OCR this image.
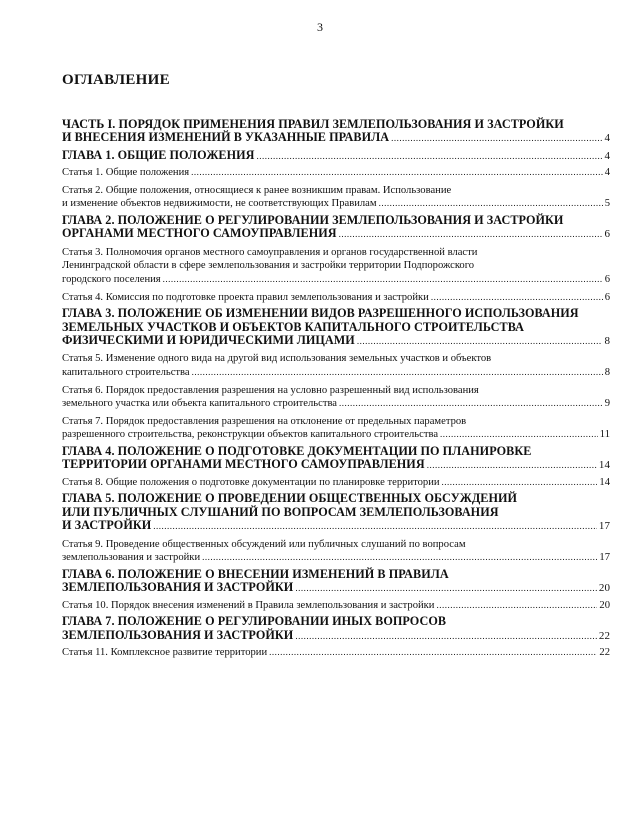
3
ОГЛАВЛЕНИЕ
ЧАСТЬ I. ПОРЯДОК ПРИМЕНЕНИЯ ПРАВИЛ ЗЕМЛЕПОЛЬЗОВАНИЯ И ЗАСТРОЙКИ
И ВНЕСЕНИЯ ИЗМЕНЕНИЙ В УКАЗАННЫЕ ПРАВИЛА .....	4
ГЛАВА 1. ОБЩИЕ ПОЛОЖЕНИЯ .....	4
Статья 1. Общие положения .....	4
Статья 2. Общие положения, относящиеся к ранее возникшим правам. Использование
и изменение объектов недвижимости, не соответствующих Правилам .....	5
ГЛАВА 2. ПОЛОЖЕНИЕ О РЕГУЛИРОВАНИИ ЗЕМЛЕПОЛЬЗОВАНИЯ И ЗАСТРОЙКИ
ОРГАНАМИ МЕСТНОГО САМОУПРАВЛЕНИЯ .....	6
Статья 3. Полномочия органов местного самоуправления и органов государственной власти
Ленинградской области в сфере землепользования и застройки территории Подпорожского
городского поселения .....	6
Статья 4. Комиссия по подготовке проекта правил землепользования и застройки .....	6
ГЛАВА 3. ПОЛОЖЕНИЕ ОБ ИЗМЕНЕНИИ ВИДОВ РАЗРЕШЕННОГО ИСПОЛЬЗОВАНИЯ
ЗЕМЕЛЬНЫХ УЧАСТКОВ И ОБЪЕКТОВ КАПИТАЛЬНОГО СТРОИТЕЛЬСТВА
ФИЗИЧЕСКИМИ И ЮРИДИЧЕСКИМИ ЛИЦАМИ .....	8
Статья 5. Изменение одного вида на другой вид использования земельных участков и объектов
капитального строительства .....	8
Статья 6. Порядок предоставления разрешения на условно разрешенный вид использования
земельного участка или объекта капитального строительства .....	9
Статья 7. Порядок предоставления разрешения на отклонение от предельных параметров
разрешенного строительства, реконструкции объектов капитального строительства .....	11
ГЛАВА 4. ПОЛОЖЕНИЕ О ПОДГОТОВКЕ ДОКУМЕНТАЦИИ ПО ПЛАНИРОВКЕ
ТЕРРИТОРИИ ОРГАНАМИ МЕСТНОГО САМОУПРАВЛЕНИЯ .....	14
Статья 8. Общие положения о подготовке документации по планировке территории .....	14
ГЛАВА 5. ПОЛОЖЕНИЕ О ПРОВЕДЕНИИ ОБЩЕСТВЕННЫХ ОБСУЖДЕНИЙ
ИЛИ ПУБЛИЧНЫХ СЛУШАНИЙ ПО ВОПРОСАМ ЗЕМЛЕПОЛЬЗОВАНИЯ
И ЗАСТРОЙКИ .....	17
Статья 9. Проведение общественных обсуждений или публичных слушаний по вопросам
землепользования и застройки .....	17
ГЛАВА 6. ПОЛОЖЕНИЕ О ВНЕСЕНИИ ИЗМЕНЕНИЙ В ПРАВИЛА
ЗЕМЛЕПОЛЬЗОВАНИЯ И ЗАСТРОЙКИ .....	20
Статья 10. Порядок внесения изменений в Правила землепользования и застройки .....	20
ГЛАВА 7. ПОЛОЖЕНИЕ О РЕГУЛИРОВАНИИ ИНЫХ ВОПРОСОВ
ЗЕМЛЕПОЛЬЗОВАНИЯ И ЗАСТРОЙКИ .....	22
Статья 11. Комплексное развитие территории .....	22
